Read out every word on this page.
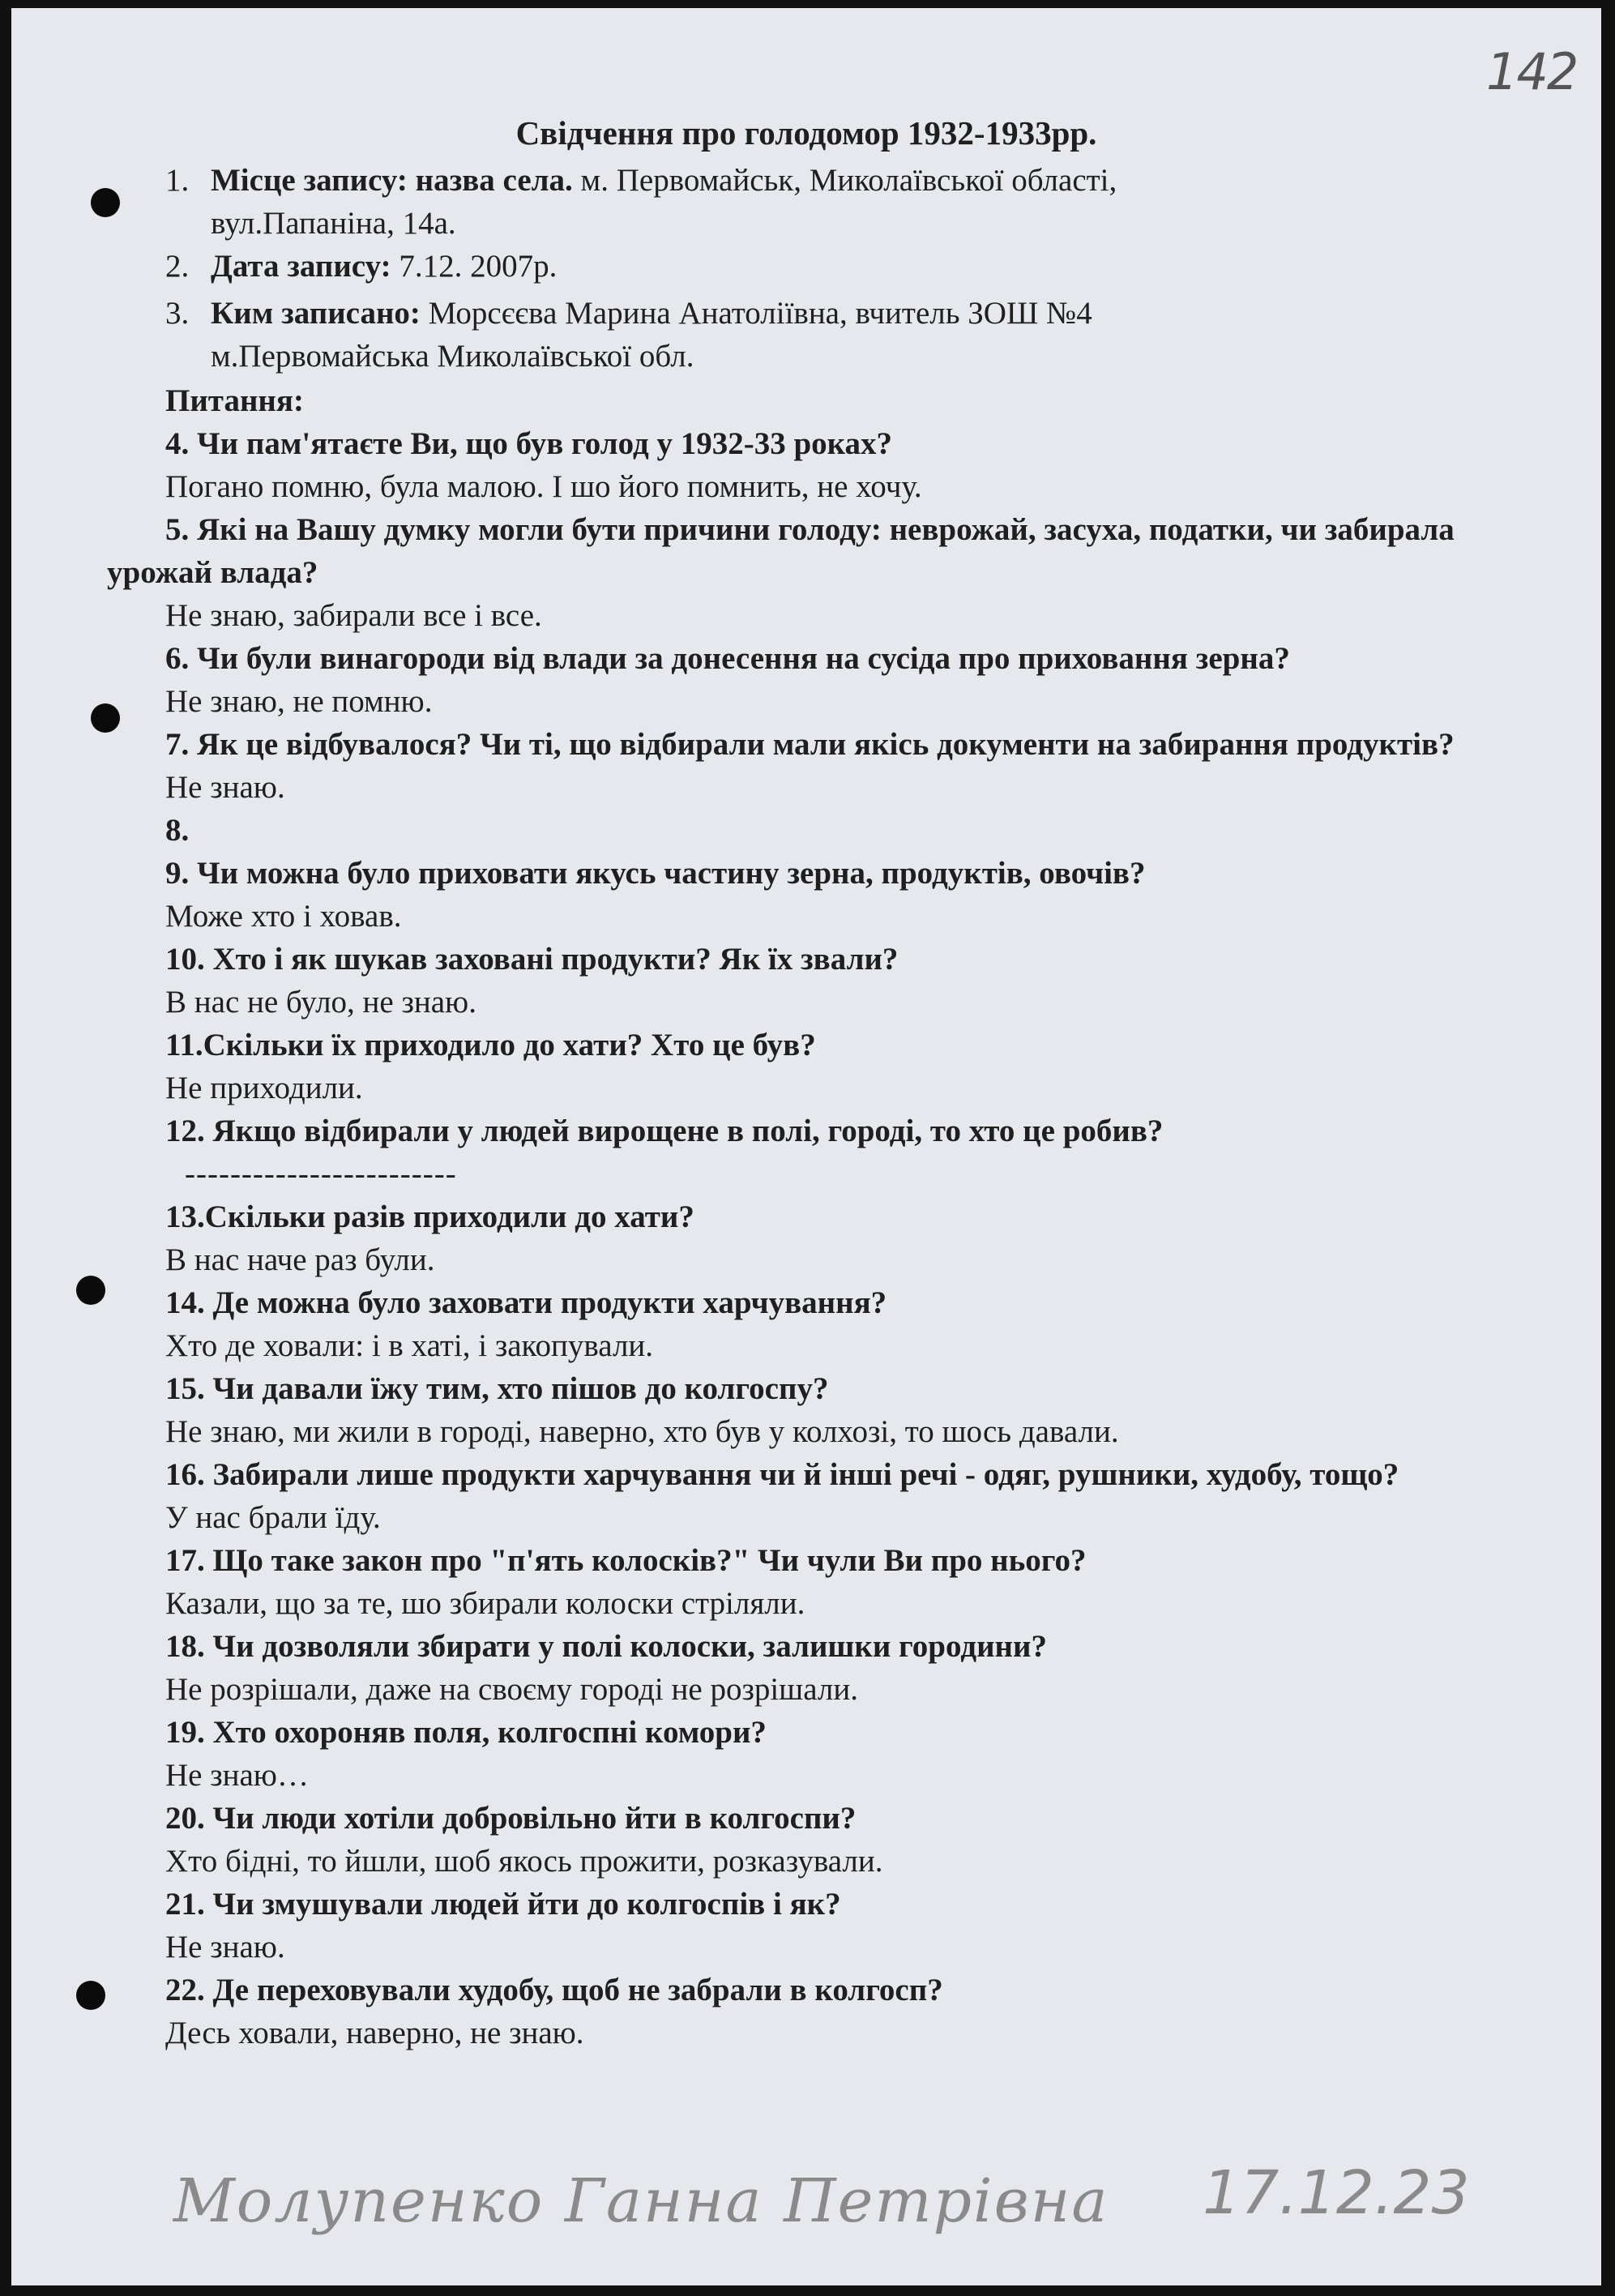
142
Свідчення про голодомор 1932-1933рр.
1. Місце запису: назва села. м. Первомайськ, Миколаївської області,
вул.Папаніна, 14а.
2. Дата запису: 7.12. 2007р.
3. Ким записано: Морсєєва Марина Анатоліївна, вчитель ЗОШ №4
м.Первомайська Миколаївської обл.

Питання:

4. Чи пам'ятаєте Ви, що був голод у 1932-33 роках?

Погано помню, була малою. І шо його помнить, не хочу.

5. Які на Вашу думку могли бути причини голоду: неврожай, засуха, податки, чи забирала урожай влада?

Не знаю, забирали все і все.

6. Чи були винагороди від влади за донесення на сусіда про приховання зерна?

Не знаю, не помню.

7. Як це відбувалося? Чи ті, що відбирали мали якісь документи на забирання продуктів?

Не знаю.

8.

9. Чи можна було приховати якусь частину зерна, продуктів, овочів?

Може хто і ховав.

10. Хто і як шукав заховані продукти? Як їх звали?

В нас не було, не знаю.

11.Скільки їх приходило до хати? Хто це був?

Не приходили.

12. Якщо відбирали у людей вирощене в полі, городі, то хто це робив?

------------------------

13.Скільки разів приходили до хати?

В нас наче раз були.

14. Де можна було заховати продукти харчування?

Хто де ховали: і в хаті, і закопували.

15. Чи давали їжу тим, хто пішов до колгоспу?

Не знаю, ми жили в городі, наверно, хто був у колхозі, то шось давали.

16. Забирали лише продукти харчування чи й інші речі - одяг, рушники, худобу, тощо?

У нас брали їду.

17. Що таке закон про "п'ять колосків?" Чи чули Ви про нього?

Казали, що за те, шо збирали колоски стріляли.

18. Чи дозволяли збирати у полі колоски, залишки городини?

Не розрішали, даже на своєму городі не розрішали.

19. Хто охороняв поля, колгоспні комори?

Не знаю…

20. Чи люди хотіли добровільно йти в колгоспи?

Хто бідні, то йшли, шоб якось прожити, розказували.

21. Чи змушували людей йти до колгоспів і як?

Не знаю.

22. Де переховували худобу, щоб не забрали в колгосп?

Десь ховали, наверно, не знаю.

Молупенко Ганна Петрівна 17.12.23
